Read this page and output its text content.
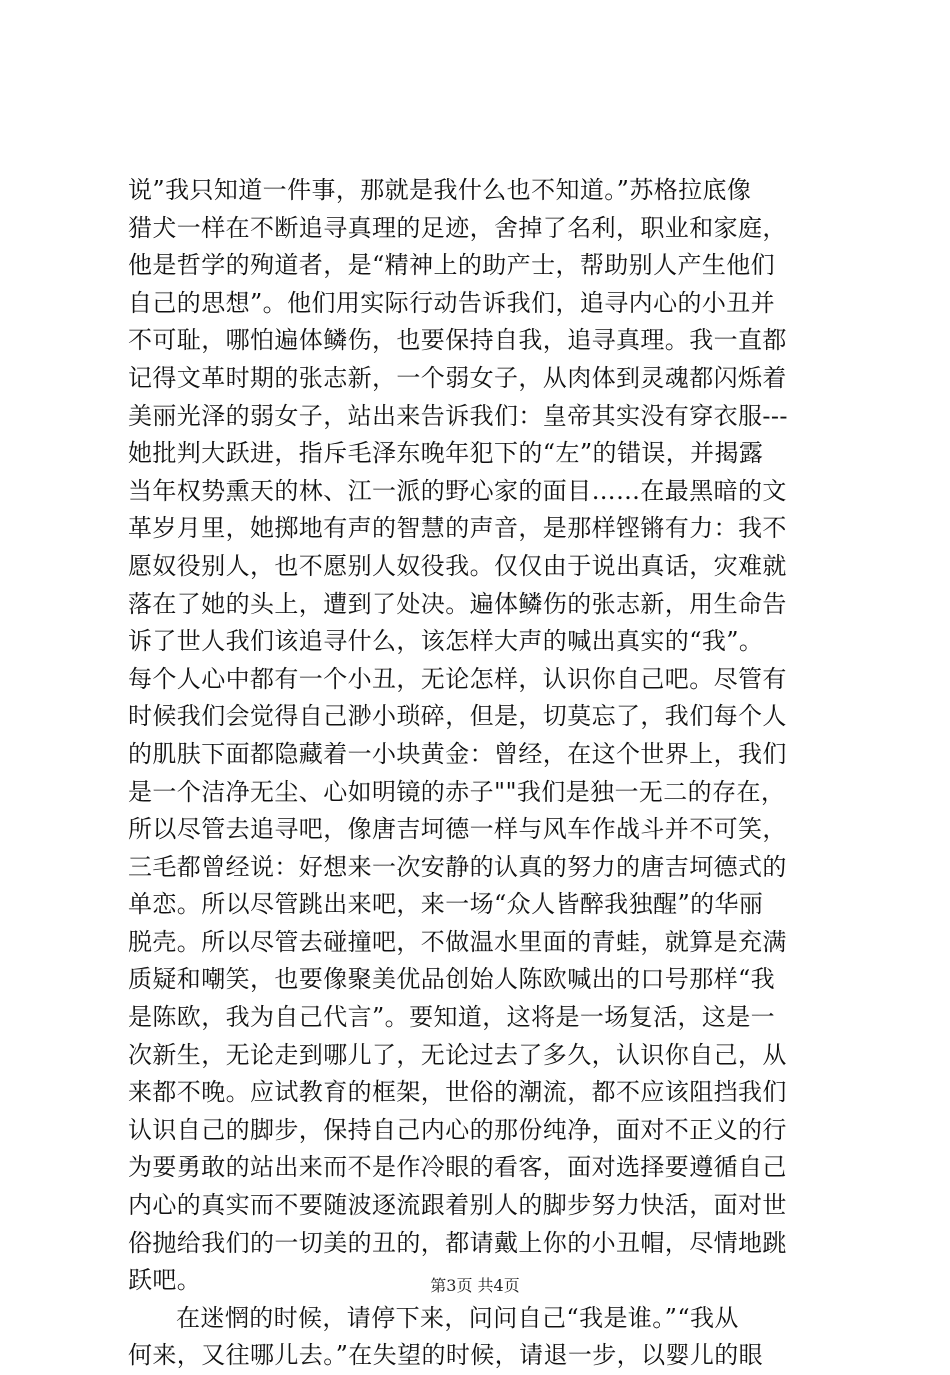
说”我只知道一件事，那就是我什么也不知道。”苏格拉底像
猎犬一样在不断追寻真理的足迹，舍掉了名利，职业和家庭，
他是哲学的殉道者，是“精神上的助产士，帮助别人产生他们
自己的思想”。他们用实际行动告诉我们，追寻内心的小丑并
不可耻，哪怕遍体鳞伤，也要保持自我，追寻真理。我一直都
记得文革时期的张志新，一个弱女子，从肉体到灵魂都闪烁着
美丽光泽的弱女子，站出来告诉我们：皇帝其实没有穿衣服---
她批判大跃进，指斥毛泽东晚年犯下的“左”的错误，并揭露
当年权势熏天的林、江一派的野心家的面目……在最黑暗的文
革岁月里，她掷地有声的智慧的声音，是那样铿锵有力：我不
愿奴役别人，也不愿别人奴役我。仅仅由于说出真话，灾难就
落在了她的头上，遭到了处决。遍体鳞伤的张志新，用生命告
诉了世人我们该追寻什么，该怎样大声的喊出真实的“我”。
每个人心中都有一个小丑，无论怎样，认识你自己吧。尽管有
时候我们会觉得自己渺小琐碎，但是，切莫忘了，我们每个人
的肌肤下面都隐藏着一小块黄金：曾经，在这个世界上，我们
是一个洁净无尘、心如明镜的赤子""我们是独一无二的存在，
所以尽管去追寻吧，像唐吉坷德一样与风车作战斗并不可笑，
三毛都曾经说：好想来一次安静的认真的努力的唐吉坷德式的
单恋。所以尽管跳出来吧，来一场“众人皆醉我独醒”的华丽
脱壳。所以尽管去碰撞吧，不做温水里面的青蛙，就算是充满
质疑和嘲笑，也要像聚美优品创始人陈欧喊出的口号那样“我
是陈欧，我为自己代言”。要知道，这将是一场复活，这是一
次新生，无论走到哪儿了，无论过去了多久，认识你自己，从
来都不晚。应试教育的框架，世俗的潮流，都不应该阻挡我们
认识自己的脚步，保持自己内心的那份纯净，面对不正义的行
为要勇敢的站出来而不是作冷眼的看客，面对选择要遵循自己
内心的真实而不要随波逐流跟着别人的脚步努力快活，面对世
俗抛给我们的一切美的丑的，都请戴上你的小丑帽，尽情地跳
跃吧。
在迷惘的时候，请停下来，问问自己“我是谁。”“我从
何来，又往哪儿去。”在失望的时候，请退一步，以婴儿的眼
第3页 共4页
